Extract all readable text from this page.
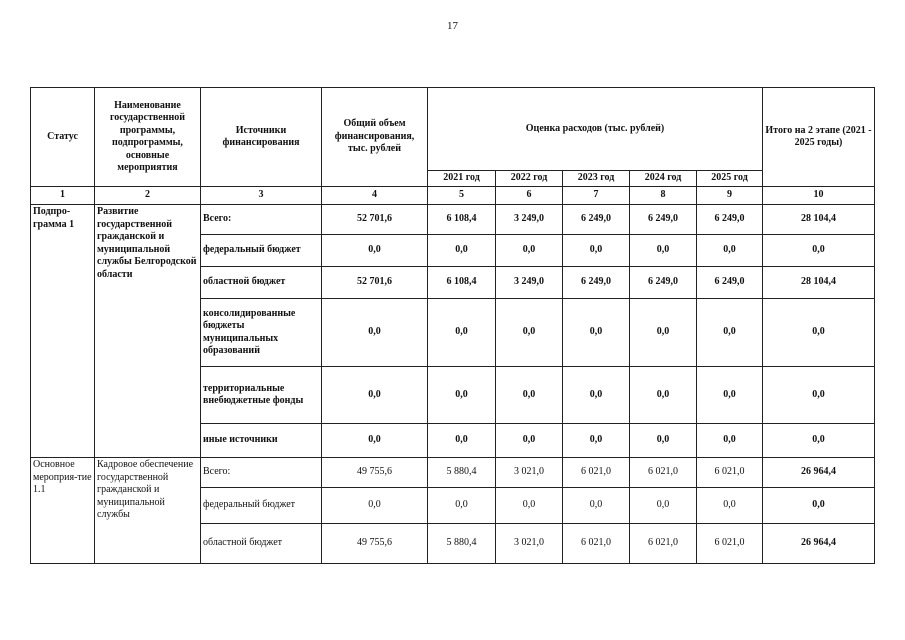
17
Статус	Наименование государственной программы, подпрограммы, основные мероприятия	Источники финансирования	Общий объем финансирования, тыс. рублей	Оценка расходов (тыс. рублей)					Итого на 2 этапе (2021 - 2025 годы)
				2021 год	2022 год	2023 год	2024 год	2025 год	
1	2	3	4	5	6	7	8	9	10
Подпро-грамма 1	Развитие государственной гражданской и муниципальной службы Белгородской области	Всего:	52 701,6	6 108,4	3 249,0	6 249,0	6 249,0	6 249,0	28 104,4
		федеральный бюджет	0,0	0,0	0,0	0,0	0,0	0,0	0,0
		областной бюджет	52 701,6	6 108,4	3 249,0	6 249,0	6 249,0	6 249,0	28 104,4
		консолидированные бюджеты муниципальных образований	0,0	0,0	0,0	0,0	0,0	0,0	0,0
		территориальные внебюджетные фонды	0,0	0,0	0,0	0,0	0,0	0,0	0,0
		иные источники	0,0	0,0	0,0	0,0	0,0	0,0	0,0
Основное мероприя-тие 1.1	Кадровое обеспечение государственной гражданской и муниципальной службы	Всего:	49 755,6	5 880,4	3 021,0	6 021,0	6 021,0	6 021,0	26 964,4
		федеральный бюджет	0,0	0,0	0,0	0,0	0,0	0,0	0,0
		областной бюджет	49 755,6	5 880,4	3 021,0	6 021,0	6 021,0	6 021,0	26 964,4
